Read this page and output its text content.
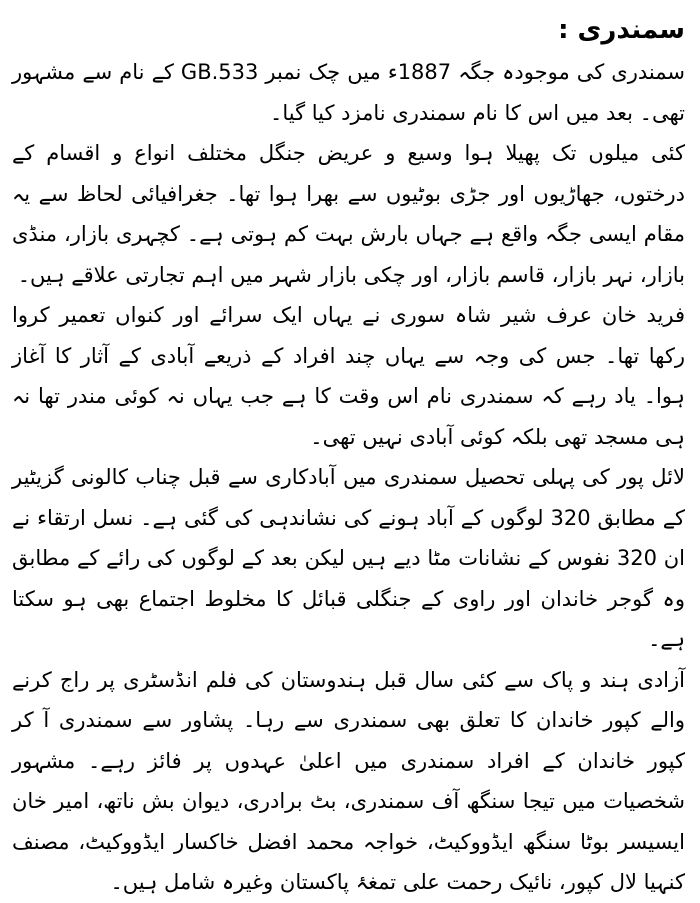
سمندری :

سمندری کی موجودہ جگہ 1887ء میں چک نمبر GB.533 کے نام سے مشہور تھی۔ بعد میں اس کا نام سمندری نامزد کیا گیا۔

کئی میلوں تک پھیلا ہوا وسیع و عریض جنگل مختلف انواع و اقسام کے درختوں، جھاڑیوں اور جڑی بوٹیوں سے بھرا ہوا تھا۔ جغرافیائی لحاظ سے یہ مقام ایسی جگہ واقع ہے جہاں بارش بہت کم ہوتی ہے۔ کچہری بازار، منڈی بازار، نہر بازار، قاسم بازار، اور چکی بازار شہر میں اہم تجارتی علاقے ہیں۔

فرید خان عرف شیر شاہ سوری نے یہاں ایک سرائے اور کنواں تعمیر کروا رکھا تھا۔ جس کی وجہ سے یہاں چند افراد کے ذریعے آبادی کے آثار کا آغاز ہوا۔ یاد رہے کہ سمندری نام اس وقت کا ہے جب یہاں نہ کوئی مندر تھا نہ ہی مسجد تھی بلکہ کوئی آبادی نہیں تھی۔

لائل پور کی پہلی تحصیل سمندری میں آبادکاری سے قبل چناب کالونی گزیٹیر کے مطابق 320 لوگوں کے آباد ہونے کی نشاندہی کی گئی ہے۔ نسل ارتقاء نے ان 320 نفوس کے نشانات مٹا دیے ہیں لیکن بعد کے لوگوں کی رائے کے مطابق وہ گوجر خاندان اور راوی کے جنگلی قبائل کا مخلوط اجتماع بھی ہو سکتا ہے۔

آزادی ہند و پاک سے کئی سال قبل ہندوستان کی فلم انڈسٹری پر راج کرنے والے کپور خاندان کا تعلق بھی سمندری سے رہا۔ پشاور سے سمندری آ کر کپور خاندان کے افراد سمندری میں اعلیٰ عہدوں پر فائز رہے۔ مشہور شخصیات میں تیجا سنگھ آف سمندری، بٹ برادری، دیوان بش ناتھ، امیر خان ایسیسر بوٹا سنگھ ایڈووکیٹ، خواجہ محمد افضل خاکسار ایڈووکیٹ، مصنف کنہیا لال کپور، نائیک رحمت علی تمغۂ پاکستان وغیرہ شامل ہیں۔
